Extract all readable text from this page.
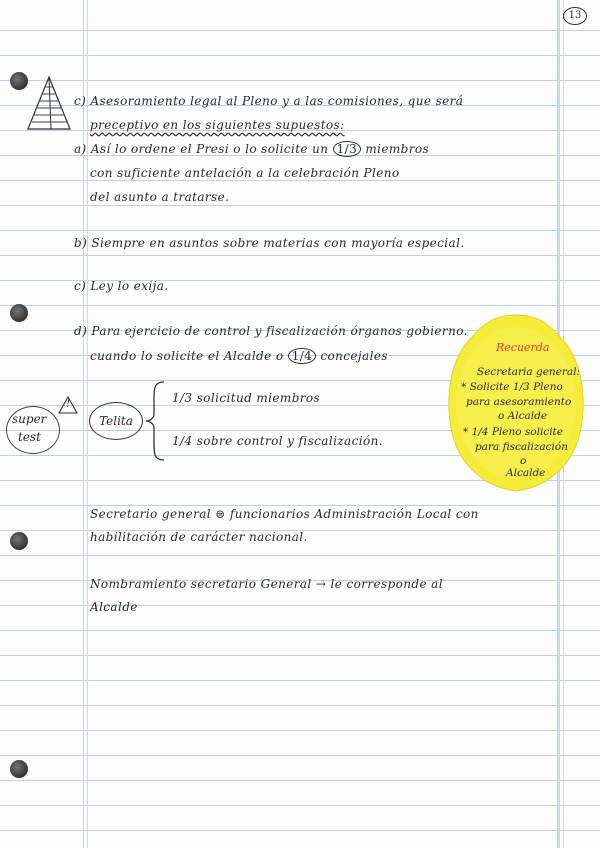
13
c) Asesoramiento legal al Pleno y a las comisiones, que será
preceptivo en los siguientes supuestos:
a) Así lo ordene el Presi o lo solicite un 1/3 miembros
con suficiente antelación a la celebración Pleno
del asunto a tratarse.
b) Siempre en asuntos sobre materias con mayoría especial.
c) Ley lo exija.
d) Para ejercicio de control y fiscalización órganos gobierno.
cuando lo solicite el Alcalde o 1/4 concejales
super
test
!
Telita
1/3 solicitud miembros
1/4 sobre control y fiscalización.
Recuerda
Secretaria general:
* Solicite 1/3 Pleno
para asesoramiento
o Alcalde
* 1/4 Pleno solicite
para fiscalización
o
Alcalde
Secretario general ⊜ funcionarios Administración Local con
habilitación de carácter nacional.
Nombramiento secretario General → le corresponde al
Alcalde
